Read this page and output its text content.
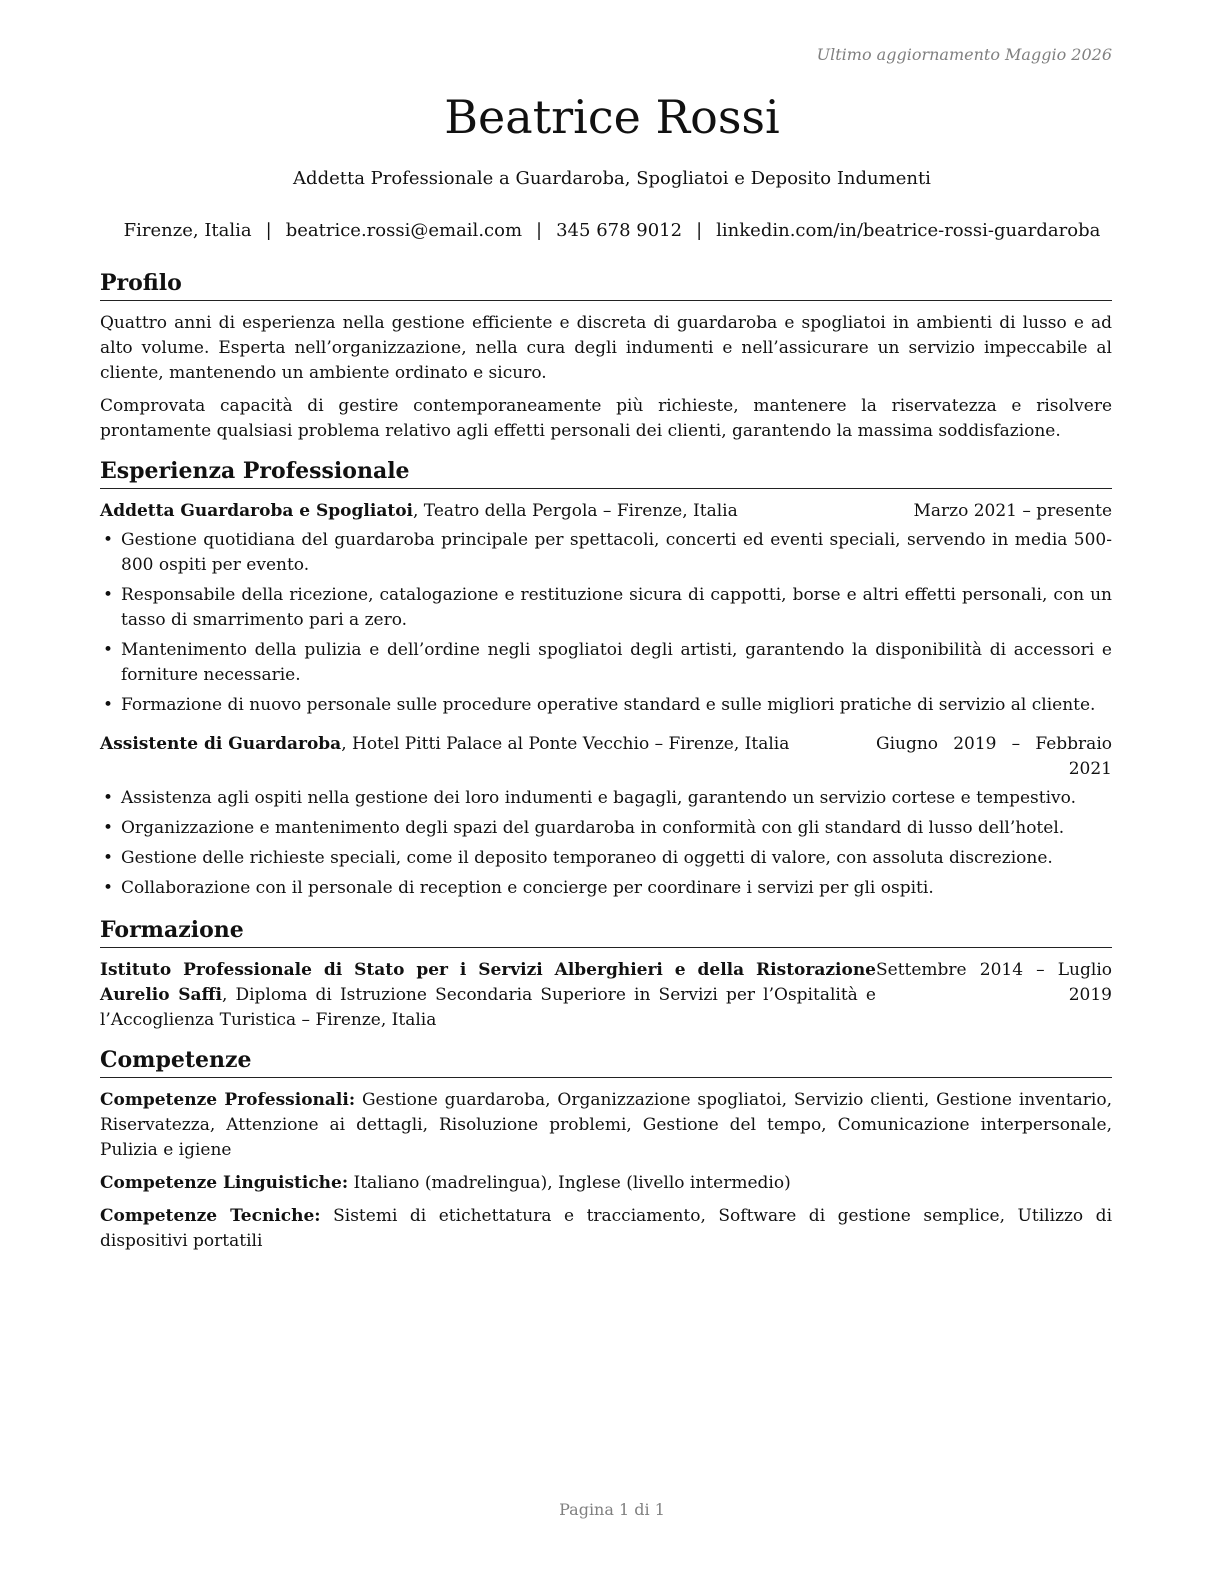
Ultimo aggiornamento Maggio 2026
Beatrice Rossi
Addetta Professionale a Guardaroba, Spogliatoi e Deposito Indumenti
Firenze, Italia | beatrice.rossi@email.com | 345 678 9012 | linkedin.com/in/beatrice-rossi-guardaroba
Profilo

Quattro anni di esperienza nella gestione efficiente e discreta di guardaroba e spogliatoi in ambienti di lusso e ad alto volume. Esperta nell’organizzazione, nella cura degli indumenti e nell’assicurare un servizio impeccabile al cliente, mantenendo un ambiente ordinato e sicuro.

Comprovata capacità di gestire contemporaneamente più richieste, mantenere la riservatezza e risolvere prontamente qualsiasi problema relativo agli effetti personali dei clienti, garantendo la massima soddisfazione.

Esperienza Professionale
Addetta Guardaroba e Spogliatoi, Teatro della Pergola – Firenze, Italia	Marzo 2021 – presente
• Gestione quotidiana del guardaroba principale per spettacoli, concerti ed eventi speciali, servendo in media 500-800 ospiti per evento.
• Responsabile della ricezione, catalogazione e restituzione sicura di cappotti, borse e altri effetti personali, con un tasso di smarrimento pari a zero.
• Mantenimento della pulizia e dell’ordine negli spogliatoi degli artisti, garantendo la disponibilità di accessori e forniture necessarie.
• Formazione di nuovo personale sulle procedure operative standard e sulle migliori pratiche di servizio al cliente.
Assistente di Guardaroba, Hotel Pitti Palace al Ponte Vecchio – Firenze, Italia	Giugno 2019 – Febbraio 2021
• Assistenza agli ospiti nella gestione dei loro indumenti e bagagli, garantendo un servizio cortese e tempestivo.
• Organizzazione e mantenimento degli spazi del guardaroba in conformità con gli standard di lusso dell’hotel.
• Gestione delle richieste speciali, come il deposito temporaneo di oggetti di valore, con assoluta discrezione.
• Collaborazione con il personale di reception e concierge per coordinare i servizi per gli ospiti.
Formazione
Istituto Professionale di Stato per i Servizi Alberghieri e della Ristorazione Aurelio Saffi, Diploma di Istruzione Secondaria Superiore in Servizi per l’Ospitalità e l’Accoglienza Turistica – Firenze, Italia
Settembre 2014 – Luglio 2019
Competenze
Competenze Professionali: Gestione guardaroba, Organizzazione spogliatoi, Servizio clienti, Gestione inventario, Riservatezza, Attenzione ai dettagli, Risoluzione problemi, Gestione del tempo, Comunicazione interpersonale, Pulizia e igiene
Competenze Linguistiche: Italiano (madrelingua), Inglese (livello intermedio)
Competenze Tecniche: Sistemi di etichettatura e tracciamento, Software di gestione semplice, Utilizzo di dispositivi portatili
Pagina 1 di 1
